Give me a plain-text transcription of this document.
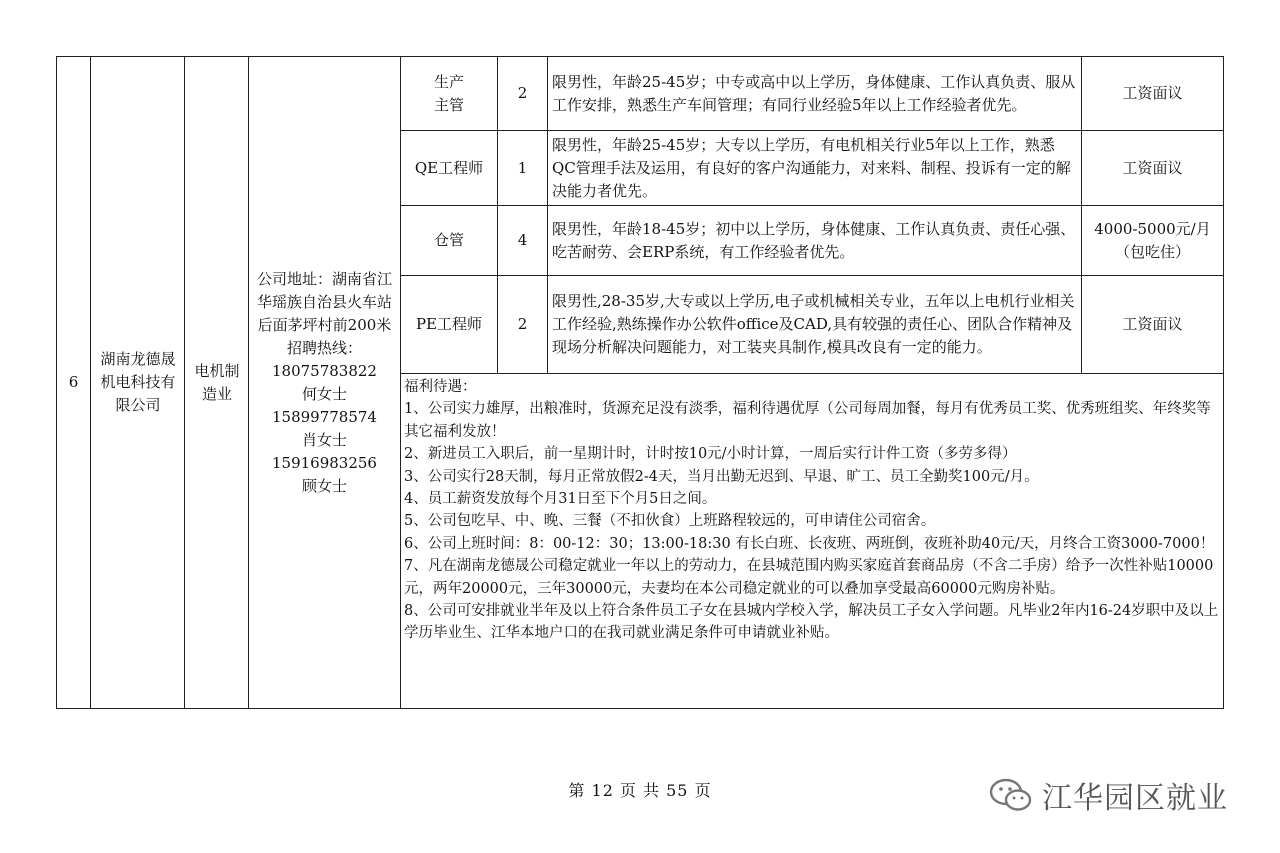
6
湖南龙德晟机电科技有限公司
电机制造业
公司地址：湖南省江华瑶族自治县火车站后面茅坪村前200米
招聘热线：
18075783822
何女士
15899778574
肖女士
15916983256
顾女士
生产
主管
2
限男性，年龄25-45岁；中专或高中以上学历，身体健康、工作认真负责、服从工作安排，熟悉生产车间管理；有同行业经验5年以上工作经验者优先。
工资面议
QE工程师 1
限男性，年龄25-45岁；大专以上学历，有电机相关行业5年以上工作，熟悉QC管理手法及运用，有良好的客户沟通能力，对来料、制程、投诉有一定的解决能力者优先。
工资面议
仓管	4
限男性，年龄18-45岁；初中以上学历，身体健康、工作认真负责、责任心强、吃苦耐劳、会ERP系统，有工作经验者优先。
4000-5000元/月（包吃住）
PE工程师 2
限男性,28-35岁,大专或以上学历,电子或机械相关专业，五年以上电机行业相关工作经验,熟练操作办公软件office及CAD,具有较强的责任心、团队合作精神及现场分析解决问题能力，对工装夹具制作,模具改良有一定的能力。
工资面议
福利待遇：
1、公司实力雄厚，出粮准时，货源充足没有淡季，福利待遇优厚（公司每周加餐，每月有优秀员工奖、优秀班组奖、年终奖等其它福利发放！
2、新进员工入职后，前一星期计时，计时按10元/小时计算，一周后实行计件工资（多劳多得）
3、公司实行28天制，每月正常放假2-4天，当月出勤无迟到、早退、旷工、员工全勤奖100元/月。
4、员工薪资发放每个月31日至下个月5日之间。
5、公司包吃早、中、晚、三餐（不扣伙食）上班路程较远的，可申请住公司宿舍。
6、公司上班时间：8：00-12：30；13:00-18:30 有长白班、长夜班、两班倒，夜班补助40元/天，月终合工资3000-7000！
7、凡在湖南龙德晟公司稳定就业一年以上的劳动力，在县城范围内购买家庭首套商品房（不含二手房）给予一次性补贴10000元，两年20000元，三年30000元，夫妻均在本公司稳定就业的可以叠加享受最高60000元购房补贴。
8、公司可安排就业半年及以上符合条件员工子女在县城内学校入学，解决员工子女入学问题。凡毕业2年内16-24岁职中及以上学历毕业生、江华本地户口的在我司就业满足条件可申请就业补贴。
第 12 页 共 55 页	江华园区就业
